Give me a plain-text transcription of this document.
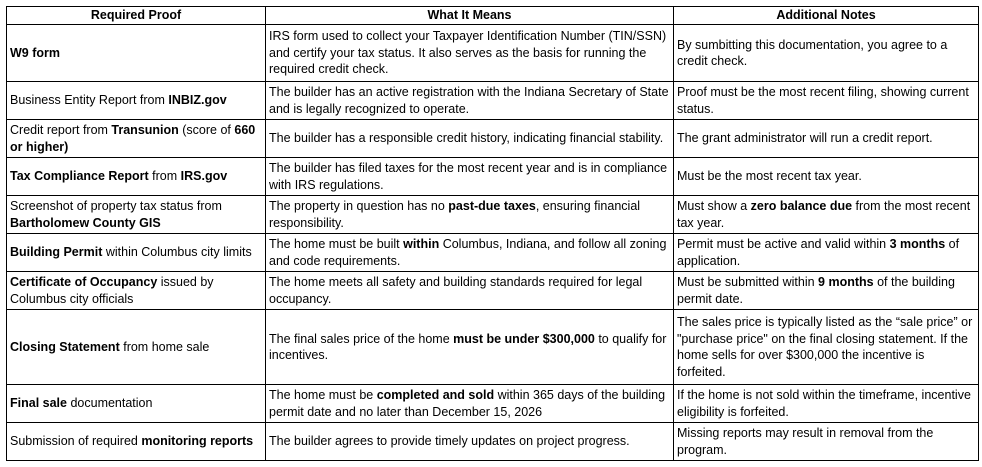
Required Proof	What It Means	Additional Notes
W9 form	IRS form used to collect your Taxpayer Identification Number (TIN/SSN) and certify your tax status. It also serves as the basis for running the required credit check.	By sumbitting this documentation, you agree to a credit check.
Business Entity Report from INBIZ.gov	The builder has an active registration with the Indiana Secretary of State and is legally recognized to operate.	Proof must be the most recent filing, showing current status.
Credit report from Transunion (score of 660 or higher)	The builder has a responsible credit history, indicating financial stability.	The grant administrator will run a credit report.
Tax Compliance Report from IRS.gov	The builder has filed taxes for the most recent year and is in compliance with IRS regulations.	Must be the most recent tax year.
Screenshot of property tax status from Bartholomew County GIS	The property in question has no past-due taxes, ensuring financial responsibility.	Must show a zero balance due from the most recent tax year.
Building Permit within Columbus city limits	The home must be built within Columbus, Indiana, and follow all zoning and code requirements.	Permit must be active and valid within 3 months of application.
Certificate of Occupancy issued by Columbus city officials	The home meets all safety and building standards required for legal occupancy.	Must be submitted within 9 months of the building permit date.
Closing Statement from home sale	The final sales price of the home must be under $300,000 to qualify for incentives.	The sales price is typically listed as the “sale price” or "purchase price" on the final closing statement. If the home sells for over $300,000 the incentive is forfeited.
Final sale documentation	The home must be completed and sold within 365 days of the building permit date and no later than December 15, 2026	If the home is not sold within the timeframe, incentive eligibility is forfeited.
Submission of required monitoring reports	The builder agrees to provide timely updates on project progress.	Missing reports may result in removal from the program.
